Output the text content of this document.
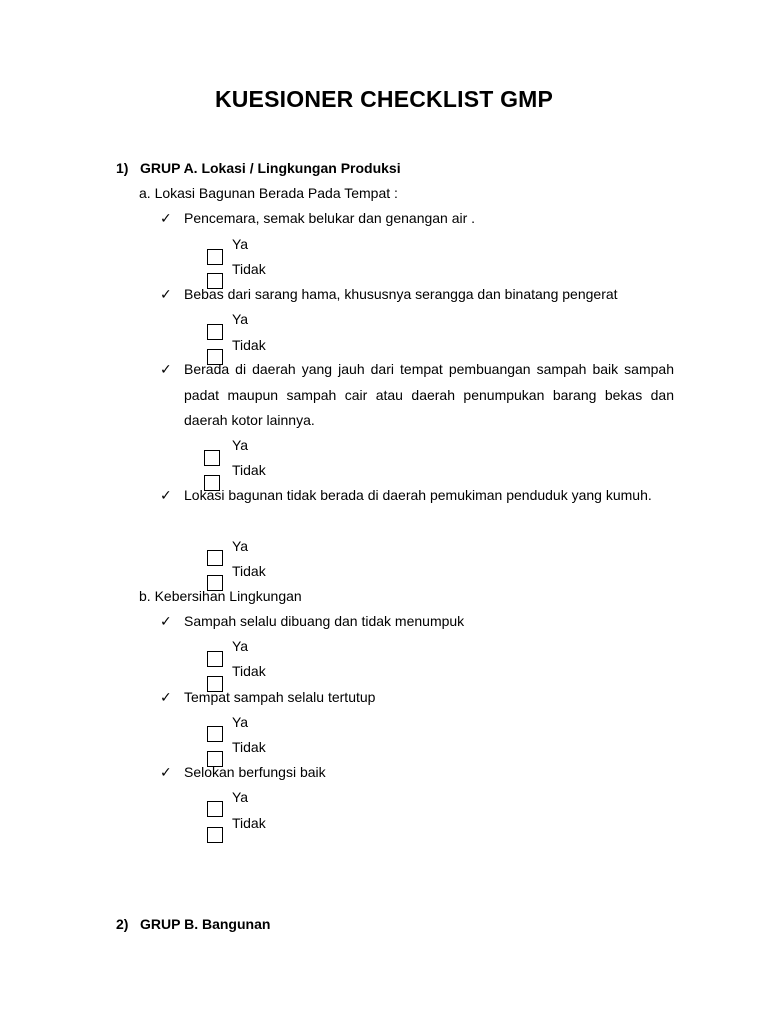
KUESIONER CHECKLIST GMP
1) GRUP A. Lokasi / Lingkungan Produksi
a. Lokasi Bagunan Berada Pada Tempat :
✓ Pencemara, semak belukar dan genangan air .
Ya
Tidak
✓ Bebas dari sarang hama, khususnya serangga dan binatang pengerat
Ya
Tidak
✓ Berada di daerah yang jauh dari tempat pembuangan sampah baik sampah padat maupun sampah cair atau daerah penumpukan barang bekas dan daerah kotor lainnya.
Ya
Tidak
✓ Lokasi bagunan tidak berada di daerah pemukiman penduduk yang kumuh.
Ya
Tidak
b. Kebersihan Lingkungan
✓ Sampah selalu dibuang dan tidak menumpuk
Ya
Tidak
✓ Tempat sampah selalu tertutup
Ya
Tidak
✓ Selokan berfungsi baik
Ya
Tidak
2) GRUP B. Bangunan
